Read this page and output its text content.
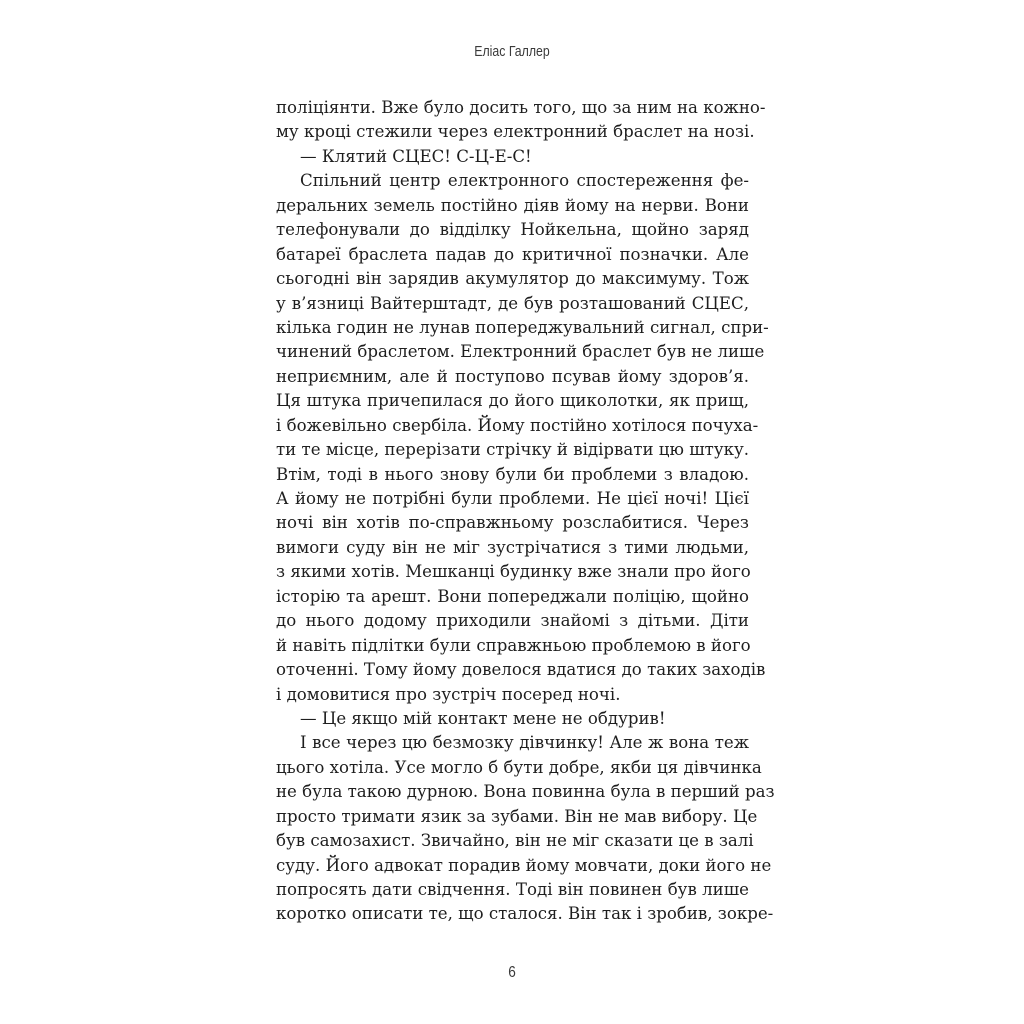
Еліас Галлер
поліціянти. Вже було досить того, що за ним на кожно-
му кроці стежили через електронний браслет на нозі.
— Клятий СЦЕС! С-Ц-Е-С!
Спільний центр електронного спостереження фе-
деральних земель постійно діяв йому на нерви. Вони
телефонували до відділку Нойкельна, щойно заряд
батареї браслета падав до критичної позначки. Але
сьогодні він зарядив акумулятор до максимуму. Тож
у в’язниці Вайтерштадт, де був розташований СЦЕС,
кілька годин не лунав попереджувальний сигнал, спри-
чинений браслетом. Електронний браслет був не лише
неприємним, але й поступово псував йому здоров’я.
Ця штука причепилася до його щиколотки, як прищ,
і божевільно свербіла. Йому постійно хотілося почуха-
ти те місце, перерізати стрічку й відірвати цю штуку.
Втім, тоді в нього знову були би проблеми з владою.
А йому не потрібні були проблеми. Не цієї ночі! Цієї
ночі він хотів по-справжньому розслабитися. Через
вимоги суду він не міг зустрічатися з тими людьми,
з якими хотів. Мешканці будинку вже знали про його
історію та арешт. Вони попереджали поліцію, щойно
до нього додому приходили знайомі з дітьми. Діти
й навіть підлітки були справжньою проблемою в його
оточенні. Тому йому довелося вдатися до таких заходів
і домовитися про зустріч посеред ночі.
— Це якщо мій контакт мене не обдурив!
І все через цю безмозку дівчинку! Але ж вона теж
цього хотіла. Усе могло б бути добре, якби ця дівчинка
не була такою дурною. Вона повинна була в перший раз
просто тримати язик за зубами. Він не мав вибору. Це
був самозахист. Звичайно, він не міг сказати це в залі
суду. Його адвокат порадив йому мовчати, доки його не
попросять дати свідчення. Тоді він повинен був лише
коротко описати те, що сталося. Він так і зробив, зокре-
6
